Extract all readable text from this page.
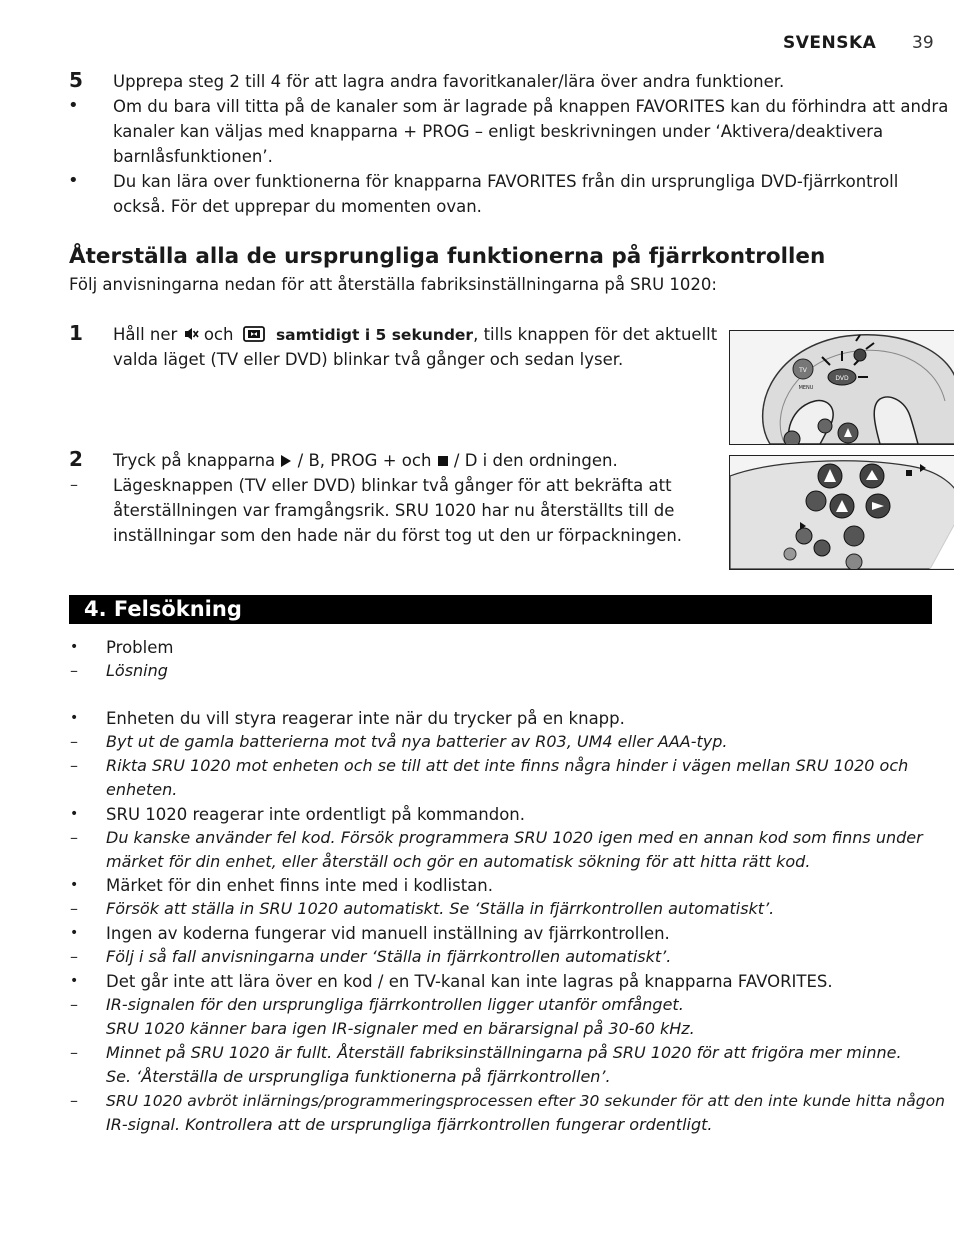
SVENSKA 39
5 Upprepa steg 2 till 4 för att lagra andra favoritkanaler/lära över andra funktioner.
• Om du bara vill titta på de kanaler som är lagrade på knappen FAVORITES kan du förhindra att andra
kanaler kan väljas med knapparna + PROG – enligt beskrivningen under ‘Aktivera/deaktivera
barnlåsfunktionen’.
• Du kan lära over funktionerna för knapparna FAVORITES från din ursprungliga DVD-fjärrkontroll
också. För det upprepar du momenten ovan.
Återställa alla de ursprungliga funktionerna på fjärrkontrollen
Följ anvisningarna nedan för att återställa fabriksinställningarna på SRU 1020:
1 Håll ner och	samtidigt i 5 sekunder, tills knappen för det aktuellt
valda läget (TV eller DVD) blinkar två gånger och sedan lyser.
2 Tryck på knapparna / B, PROG + och / D i den ordningen.
– Lägesknappen (TV eller DVD) blinkar två gånger för att bekräfta att
återställningen var framgångsrik. SRU 1020 har nu återställts till de
inställningar som den hade när du först tog ut den ur förpackningen.
TV
MENU
DVD
4. Felsökning
• Problem
– Lösning
• Enheten du vill styra reagerar inte när du trycker på en knapp.
– Byt ut de gamla batterierna mot två nya batterier av R03, UM4 eller AAA-typ.
– Rikta SRU 1020 mot enheten och se till att det inte finns några hinder i vägen mellan SRU 1020 och
enheten.
• SRU 1020 reagerar inte ordentligt på kommandon.
– Du kanske använder fel kod. Försök programmera SRU 1020 igen med en annan kod som finns under
märket för din enhet, eller återställ och gör en automatisk sökning för att hitta rätt kod.
• Märket för din enhet finns inte med i kodlistan.
– Försök att ställa in SRU 1020 automatiskt. Se ‘Ställa in fjärrkontrollen automatiskt’.
• Ingen av koderna fungerar vid manuell inställning av fjärrkontrollen.
– Följ i så fall anvisningarna under ‘Ställa in fjärrkontrollen automatiskt’.
• Det går inte att lära över en kod / en TV-kanal kan inte lagras på knapparna FAVORITES.
– IR-signalen för den ursprungliga fjärrkontrollen ligger utanför omfånget.
SRU 1020 känner bara igen IR-signaler med en bärarsignal på 30-60 kHz.
– Minnet på SRU 1020 är fullt. Återställ fabriksinställningarna på SRU 1020 för att frigöra mer minne.
Se. ‘Återställa de ursprungliga funktionerna på fjärrkontrollen’.
– SRU 1020 avbröt inlärnings/programmeringsprocessen efter 30 sekunder för att den inte kunde hitta någon
IR-signal. Kontrollera att de ursprungliga fjärrkontrollen fungerar ordentligt.
